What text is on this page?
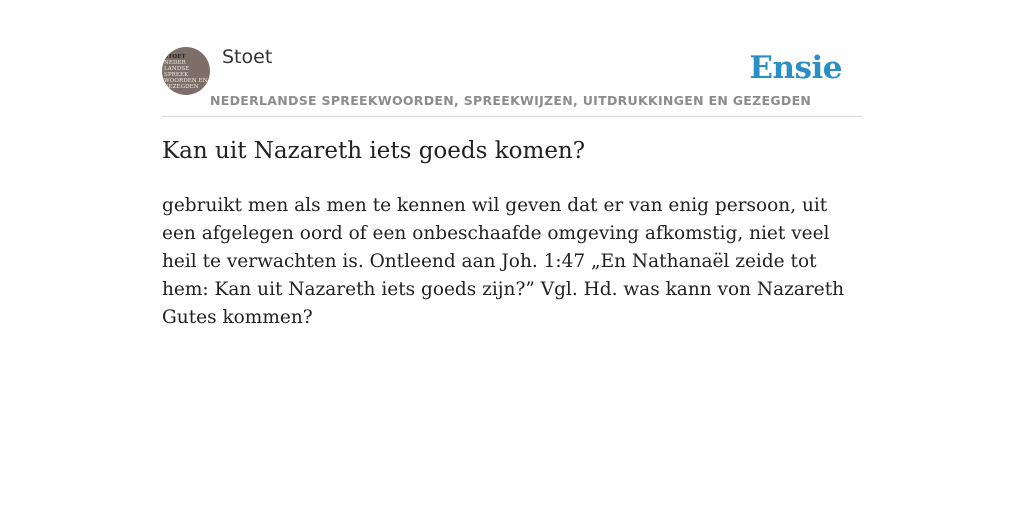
STOET
NEDER
LANDSE
SPREEK
WOORDEN EN
GEZEGDEN
Stoet
NEDERLANDSE SPREEKWOORDEN, SPREEKWIJZEN, UITDRUKKINGEN EN GEZEGDEN
Ensie
Kan uit Nazareth iets goeds komen?

gebruikt men als men te kennen wil geven dat er van enig persoon, uit een afgelegen oord of een onbeschaafde omgeving afkomstig, niet veel heil te verwachten is. Ontleend aan Joh. 1:47 „En Nathanaël zeide tot hem: Kan uit Nazareth iets goeds zijn?” Vgl. Hd. was kann von Nazareth Gutes kommen?
